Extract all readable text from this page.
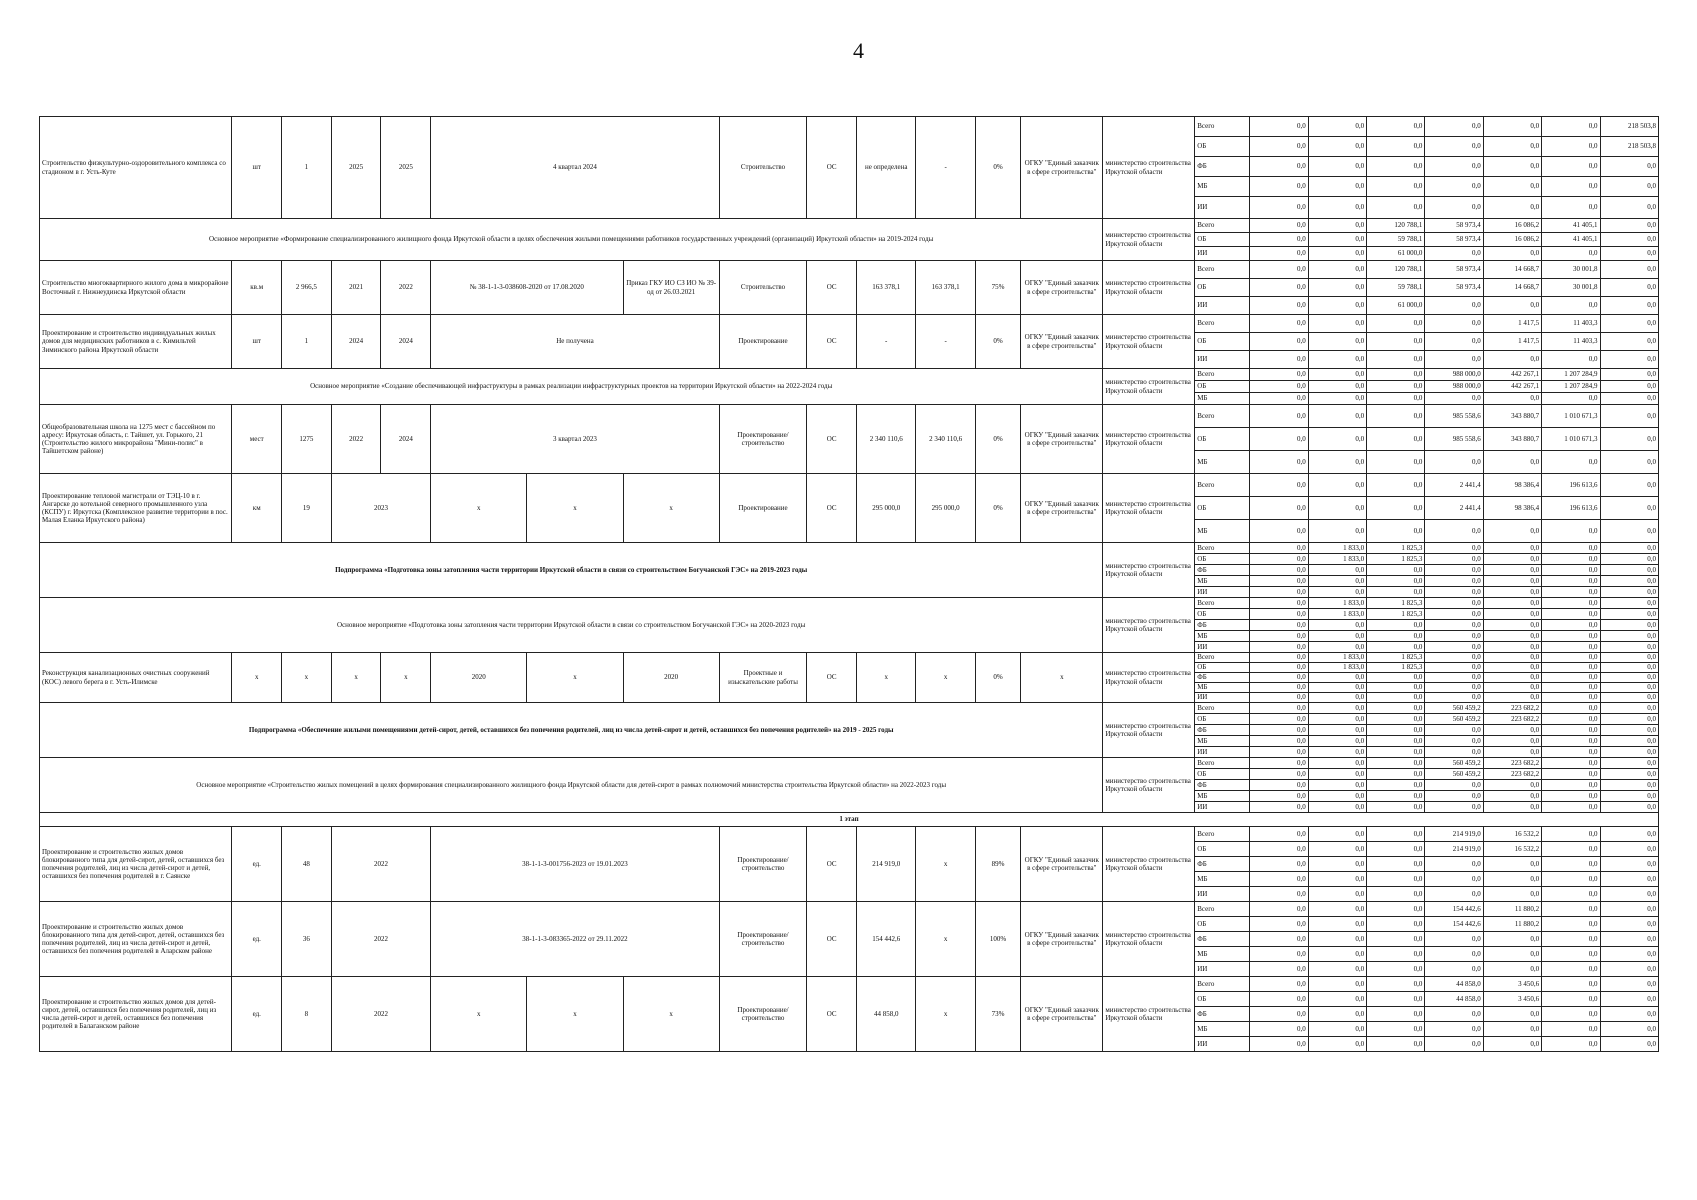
4
Строительство физкультурно-оздоровительного комплекса со стадионом в г. Усть-Куте	шт	1	2025	2025	4 квартал 2024			Строительство	ОС	не определена	-	0%	ОГКУ "Единый заказчик в сфере строительства"	министерство строительства Иркутской области	Всего	0,0	0,0	0,0	0,0	0,0	0,0	218 503,8
															ОБ	0,0	0,0	0,0	0,0	0,0	0,0	218 503,8
															ФБ	0,0	0,0	0,0	0,0	0,0	0,0	0,0
															МБ	0,0	0,0	0,0	0,0	0,0	0,0	0,0
															ИИ	0,0	0,0	0,0	0,0	0,0	0,0	0,0
Основное мероприятие «Формирование специализированного жилищного фонда Иркутской области в целях обеспечения жилыми помещениями работников государственных учреждений (организаций) Иркутской области» на 2019-2024 годы														министерство строительства Иркутской области	Всего	0,0	0,0	120 788,1	58 973,4	16 086,2	41 405,1	0,0
															ОБ	0,0	0,0	59 788,1	58 973,4	16 086,2	41 405,1	0,0
															ИИ	0,0	0,0	61 000,0	0,0	0,0	0,0	0,0
Строительство многоквартирного жилого дома в микрорайоне Восточный г. Нижнеудинска Иркутской области	кв.м	2 966,5	2021	2022	№ 38-1-1-3-038608-2020 от 17.08.2020		Приказ ГКУ ИО СЗ ИО № 39-од от 26.03.2021	Строительство	ОС	163 378,1	163 378,1	75%	ОГКУ "Единый заказчик в сфере строительства"	министерство строительства Иркутской области	Всего	0,0	0,0	120 788,1	58 973,4	14 668,7	30 001,8	0,0
															ОБ	0,0	0,0	59 788,1	58 973,4	14 668,7	30 001,8	0,0
															ИИ	0,0	0,0	61 000,0	0,0	0,0	0,0	0,0
Проектирование и строительство индивидуальных жилых домов для медицинских работников в с. Кимильтей Зиминского района Иркутской области	шт	1	2024	2024	Не получена			Проектирование	ОС	-	-	0%	ОГКУ "Единый заказчик в сфере строительства"	министерство строительства Иркутской области	Всего	0,0	0,0	0,0	0,0	1 417,5	11 403,3	0,0
															ОБ	0,0	0,0	0,0	0,0	1 417,5	11 403,3	0,0
															ИИ	0,0	0,0	0,0	0,0	0,0	0,0	0,0
Основное мероприятие «Создание обеспечивающей инфраструктуры в рамках реализации инфраструктурных проектов на территории Иркутской области» на 2022-2024 годы														министерство строительства Иркутской области	Всего	0,0	0,0	0,0	988 000,0	442 267,1	1 207 284,9	0,0
															ОБ	0,0	0,0	0,0	988 000,0	442 267,1	1 207 284,9	0,0
															МБ	0,0	0,0	0,0	0,0	0,0	0,0	0,0
Общеобразовательная школа на 1275 мест с бассейном по адресу: Иркутская область, г. Тайшет, ул. Горького, 21 (Строительство жилого микрорайона "Мини-полис" в Тайшетском районе)	мест	1275	2022	2024	3 квартал 2023			Проектирование/строительство	ОС	2 340 110,6	2 340 110,6	0%	ОГКУ "Единый заказчик в сфере строительства"	министерство строительства Иркутской области	Всего	0,0	0,0	0,0	985 558,6	343 880,7	1 010 671,3	0,0
															ОБ	0,0	0,0	0,0	985 558,6	343 880,7	1 010 671,3	0,0
															МБ	0,0	0,0	0,0	0,0	0,0	0,0	0,0
Проектирование тепловой магистрали от ТЭЦ-10 в г. Ангарске до котельной северного промышленного узла (КСПУ) г. Иркутска (Комплексное развитие территории в пос. Малая Еланка Иркутского района)	км	19	2023		х	х	х	Проектирование	ОС	295 000,0	295 000,0	0%	ОГКУ "Единый заказчик в сфере строительства"	министерство строительства Иркутской области	Всего	0,0	0,0	0,0	2 441,4	98 386,4	196 613,6	0,0
															ОБ	0,0	0,0	0,0	2 441,4	98 386,4	196 613,6	0,0
															МБ	0,0	0,0	0,0	0,0	0,0	0,0	0,0
Подпрограмма «Подготовка зоны затопления части территории Иркутской области в связи со строительством Богучанской ГЭС» на 2019-2023 годы														министерство строительства Иркутской области	Всего	0,0	1 833,0	1 825,3	0,0	0,0	0,0	0,0
															ОБ	0,0	1 833,0	1 825,3	0,0	0,0	0,0	0,0
															ФБ	0,0	0,0	0,0	0,0	0,0	0,0	0,0
															МБ	0,0	0,0	0,0	0,0	0,0	0,0	0,0
															ИИ	0,0	0,0	0,0	0,0	0,0	0,0	0,0
Основное мероприятие «Подготовка зоны затопления части территории Иркутской области в связи со строительством Богучанской ГЭС» на 2020-2023 годы														министерство строительства Иркутской области	Всего	0,0	1 833,0	1 825,3	0,0	0,0	0,0	0,0
															ОБ	0,0	1 833,0	1 825,3	0,0	0,0	0,0	0,0
															ФБ	0,0	0,0	0,0	0,0	0,0	0,0	0,0
															МБ	0,0	0,0	0,0	0,0	0,0	0,0	0,0
															ИИ	0,0	0,0	0,0	0,0	0,0	0,0	0,0
Реконструкция канализационных очистных сооружений (КОС) левого берега в г. Усть-Илимске	х	х	х	х	2020	х	2020	Проектные и изыскательские работы	ОС	х	х	0%	х	министерство строительства Иркутской области	Всего	0,0	1 833,0	1 825,3	0,0	0,0	0,0	0,0
															ОБ	0,0	1 833,0	1 825,3	0,0	0,0	0,0	0,0
															ФБ	0,0	0,0	0,0	0,0	0,0	0,0	0,0
															МБ	0,0	0,0	0,0	0,0	0,0	0,0	0,0
															ИИ	0,0	0,0	0,0	0,0	0,0	0,0	0,0
Подпрограмма «Обеспечение жилыми помещениями детей-сирот, детей, оставшихся без попечения родителей, лиц из числа детей-сирот и детей, оставшихся без попечения родителей» на 2019 - 2025 годы														министерство строительства Иркутской области	Всего	0,0	0,0	0,0	560 459,2	223 682,2	0,0	0,0
															ОБ	0,0	0,0	0,0	560 459,2	223 682,2	0,0	0,0
															ФБ	0,0	0,0	0,0	0,0	0,0	0,0	0,0
															МБ	0,0	0,0	0,0	0,0	0,0	0,0	0,0
															ИИ	0,0	0,0	0,0	0,0	0,0	0,0	0,0
Основное мероприятие «Строительство жилых помещений в целях формирования специализированного жилищного фонда Иркутской области для детей-сирот в рамках полномочий министерства строительства Иркутской области» на 2022-2023 годы														министерство строительства Иркутской области	Всего	0,0	0,0	0,0	560 459,2	223 682,2	0,0	0,0
															ОБ	0,0	0,0	0,0	560 459,2	223 682,2	0,0	0,0
															ФБ	0,0	0,0	0,0	0,0	0,0	0,0	0,0
															МБ	0,0	0,0	0,0	0,0	0,0	0,0	0,0
															ИИ	0,0	0,0	0,0	0,0	0,0	0,0	0,0
1 этап																						
Проектирование и строительство жилых домов блокированного типа для детей-сирот, детей, оставшихся без попечения родителей, лиц из числа детей-сирот и детей, оставшихся без попечения родителей в г. Саянске	ед.	48	2022		38-1-1-3-001756-2023 от 19.01.2023			Проектирование/строительство	ОС	214 919,0	х	89%	ОГКУ "Единый заказчик в сфере строительства"	министерство строительства Иркутской области	Всего	0,0	0,0	0,0	214 919,0	16 532,2	0,0	0,0
															ОБ	0,0	0,0	0,0	214 919,0	16 532,2	0,0	0,0
															ФБ	0,0	0,0	0,0	0,0	0,0	0,0	0,0
															МБ	0,0	0,0	0,0	0,0	0,0	0,0	0,0
															ИИ	0,0	0,0	0,0	0,0	0,0	0,0	0,0
Проектирование и строительство жилых домов блокированного типа для детей-сирот, детей, оставшихся без попечения родителей, лиц из числа детей-сирот и детей, оставшихся без попечения родителей в Аларском районе	ед.	36	2022		38-1-1-3-083365-2022 от 29.11.2022			Проектирование/строительство	ОС	154 442,6	х	100%	ОГКУ "Единый заказчик в сфере строительства"	министерство строительства Иркутской области	Всего	0,0	0,0	0,0	154 442,6	11 880,2	0,0	0,0
															ОБ	0,0	0,0	0,0	154 442,6	11 880,2	0,0	0,0
															ФБ	0,0	0,0	0,0	0,0	0,0	0,0	0,0
															МБ	0,0	0,0	0,0	0,0	0,0	0,0	0,0
															ИИ	0,0	0,0	0,0	0,0	0,0	0,0	0,0
Проектирование и строительство жилых домов для детей-сирот, детей, оставшихся без попечения родителей, лиц из числа детей-сирот и детей, оставшихся без попечения родителей в Балаганском районе	ед.	8	2022		х	х	х	Проектирование/строительство	ОС	44 858,0	х	73%	ОГКУ "Единый заказчик в сфере строительства"	министерство строительства Иркутской области	Всего	0,0	0,0	0,0	44 858,0	3 450,6	0,0	0,0
															ОБ	0,0	0,0	0,0	44 858,0	3 450,6	0,0	0,0
															ФБ	0,0	0,0	0,0	0,0	0,0	0,0	0,0
															МБ	0,0	0,0	0,0	0,0	0,0	0,0	0,0
															ИИ	0,0	0,0	0,0	0,0	0,0	0,0	0,0
